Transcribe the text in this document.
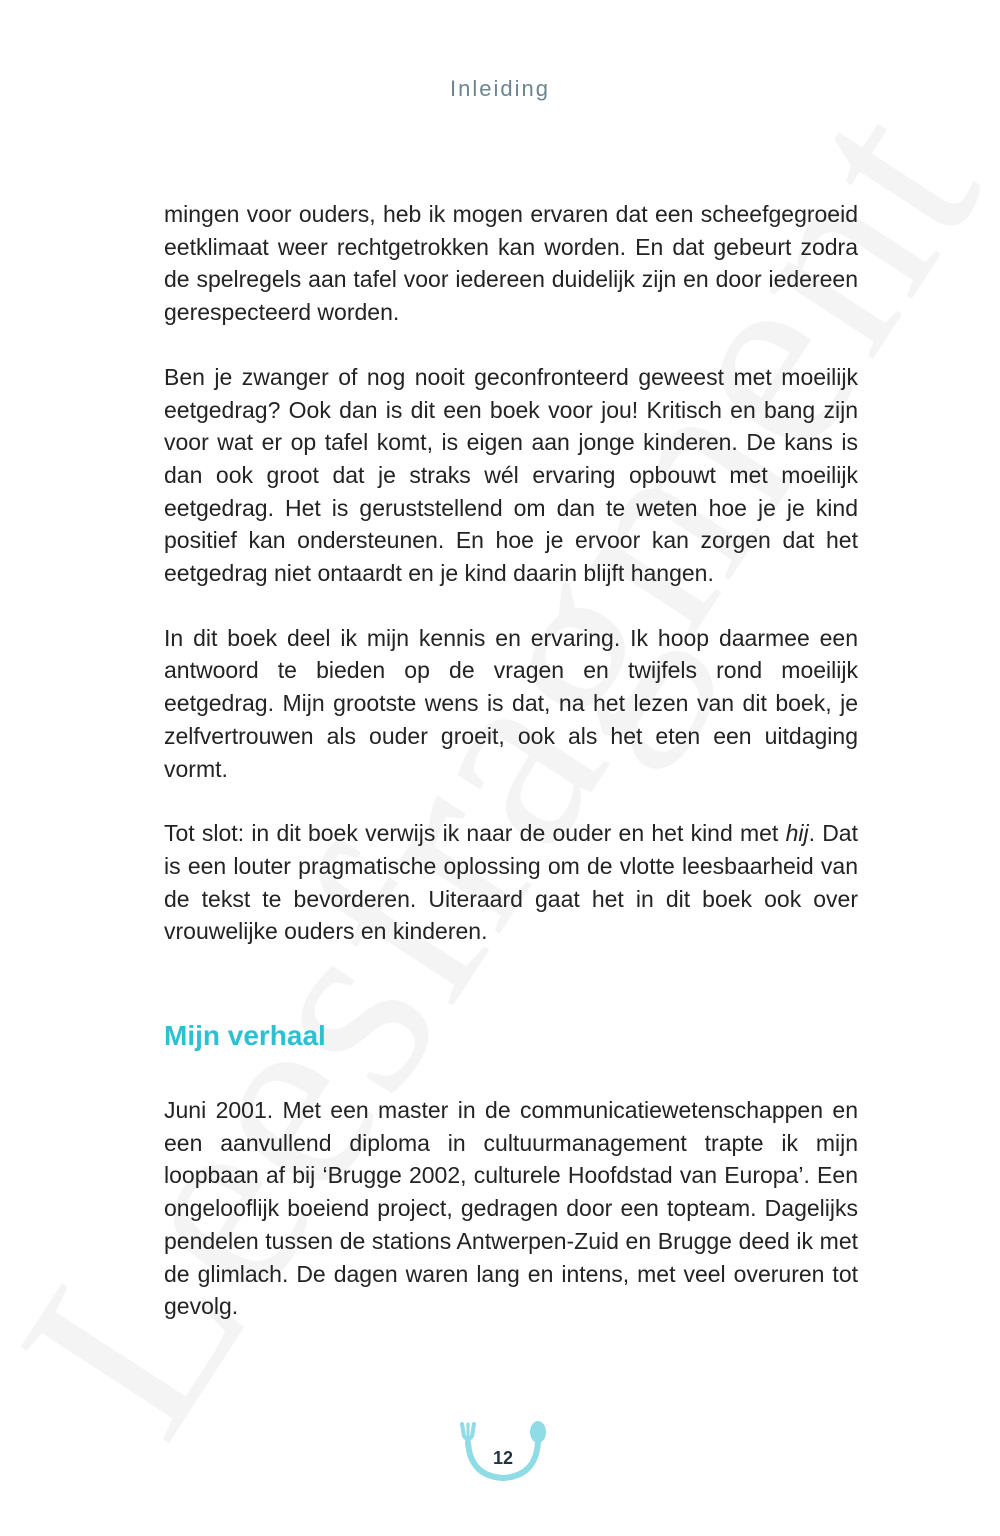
Inleiding

mingen voor ouders, heb ik mogen ervaren dat een scheefgegroeid eetklimaat weer rechtgetrokken kan worden. En dat gebeurt zodra de spelregels aan tafel voor iedereen duidelijk zijn en door iedereen gerespecteerd worden.

Ben je zwanger of nog nooit geconfronteerd geweest met moeilijk eetgedrag? Ook dan is dit een boek voor jou! Kritisch en bang zijn voor wat er op tafel komt, is eigen aan jonge kinderen. De kans is dan ook groot dat je straks wél ervaring opbouwt met moeilijk eetgedrag. Het is geruststellend om dan te weten hoe je je kind positief kan ondersteunen. En hoe je ervoor kan zorgen dat het eetgedrag niet ontaardt en je kind daarin blijft hangen.

In dit boek deel ik mijn kennis en ervaring. Ik hoop daarmee een antwoord te bieden op de vragen en twijfels rond moeilijk eetgedrag. Mijn grootste wens is dat, na het lezen van dit boek, je zelfvertrouwen als ouder groeit, ook als het eten een uitdaging vormt.

Tot slot: in dit boek verwijs ik naar de ouder en het kind met hij. Dat is een louter pragmatische oplossing om de vlotte leesbaarheid van de tekst te bevorderen. Uiteraard gaat het in dit boek ook over vrouwelijke ouders en kinderen.

Mijn verhaal

Juni 2001. Met een master in de communicatiewetenschappen en een aanvullend diploma in cultuurmanagement trapte ik mijn loopbaan af bij ‘Brugge 2002, culturele Hoofdstad van Europa’. Een ongelooflijk boeiend project, gedragen door een topteam. Dagelijks pendelen tussen de stations Antwerpen-Zuid en Brugge deed ik met de glimlach. De dagen waren lang en intens, met veel overuren tot gevolg.

12
